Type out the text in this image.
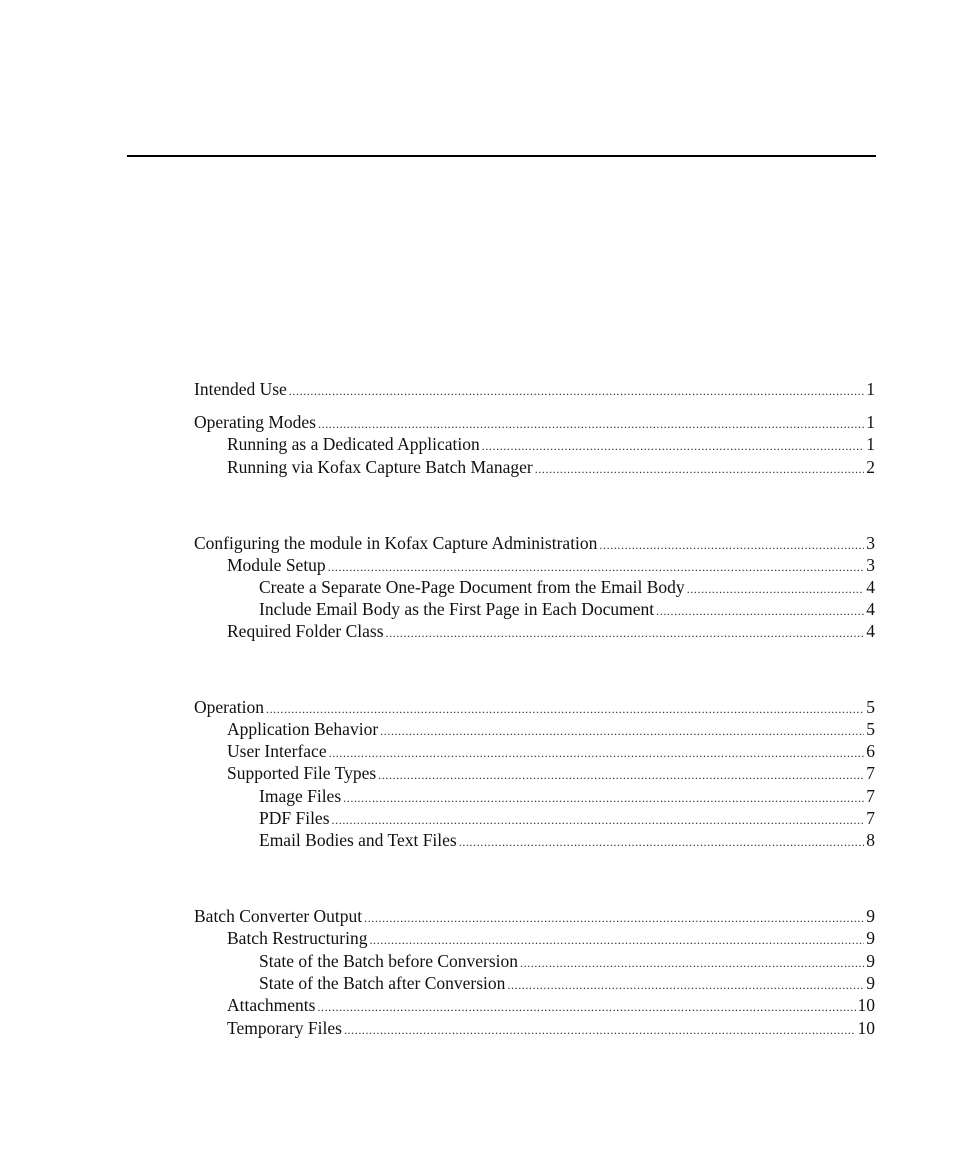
Intended Use .....	1
Operating Modes .....	1
Running as a Dedicated Application .....	1
Running via Kofax Capture Batch Manager .....	2
Configuring the module in Kofax Capture Administration .....	3
Module Setup .....	3
Create a Separate One-Page Document from the Email Body .....	4
Include Email Body as the First Page in Each Document .....	4
Required Folder Class .....	4
Operation .....	5
Application Behavior .....	5
User Interface .....	6
Supported File Types .....	7
Image Files .....	7
PDF Files .....	7
Email Bodies and Text Files .....	8
Batch Converter Output .....	9
Batch Restructuring .....	9
State of the Batch before Conversion .....	9
State of the Batch after Conversion .....	9
Attachments .....	10
Temporary Files .....	10
